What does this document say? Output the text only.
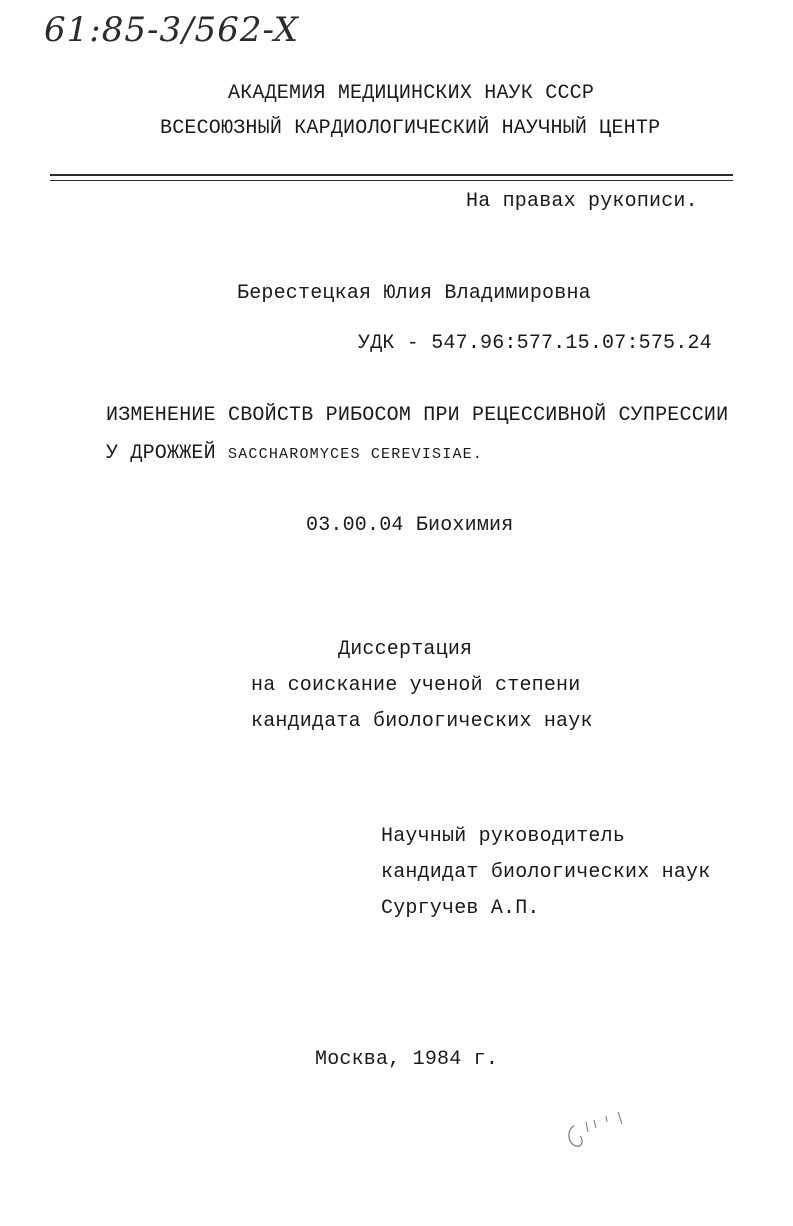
61:85-3/562-X
АКАДЕМИЯ МЕДИЦИНСКИХ НАУК СССР
ВСЕСОЮЗНЫЙ КАРДИОЛОГИЧЕСКИЙ НАУЧНЫЙ ЦЕНТР
На правах рукописи.
Берестецкая Юлия Владимировна
УДК - 547.96:577.15.07:575.24
ИЗМЕНЕНИЕ СВОЙСТВ РИБОСОМ ПРИ РЕЦЕССИВНОЙ СУПРЕССИИ
У ДРОЖЖЕЙ SACCHAROMYCES CEREVISIAE.
03.00.04 Биохимия
Диссертация
на соискание ученой степени
кандидата биологических наук
Научный руководитель
кандидат биологических наук
Сургучев А.П.
Москва, 1984 г.
